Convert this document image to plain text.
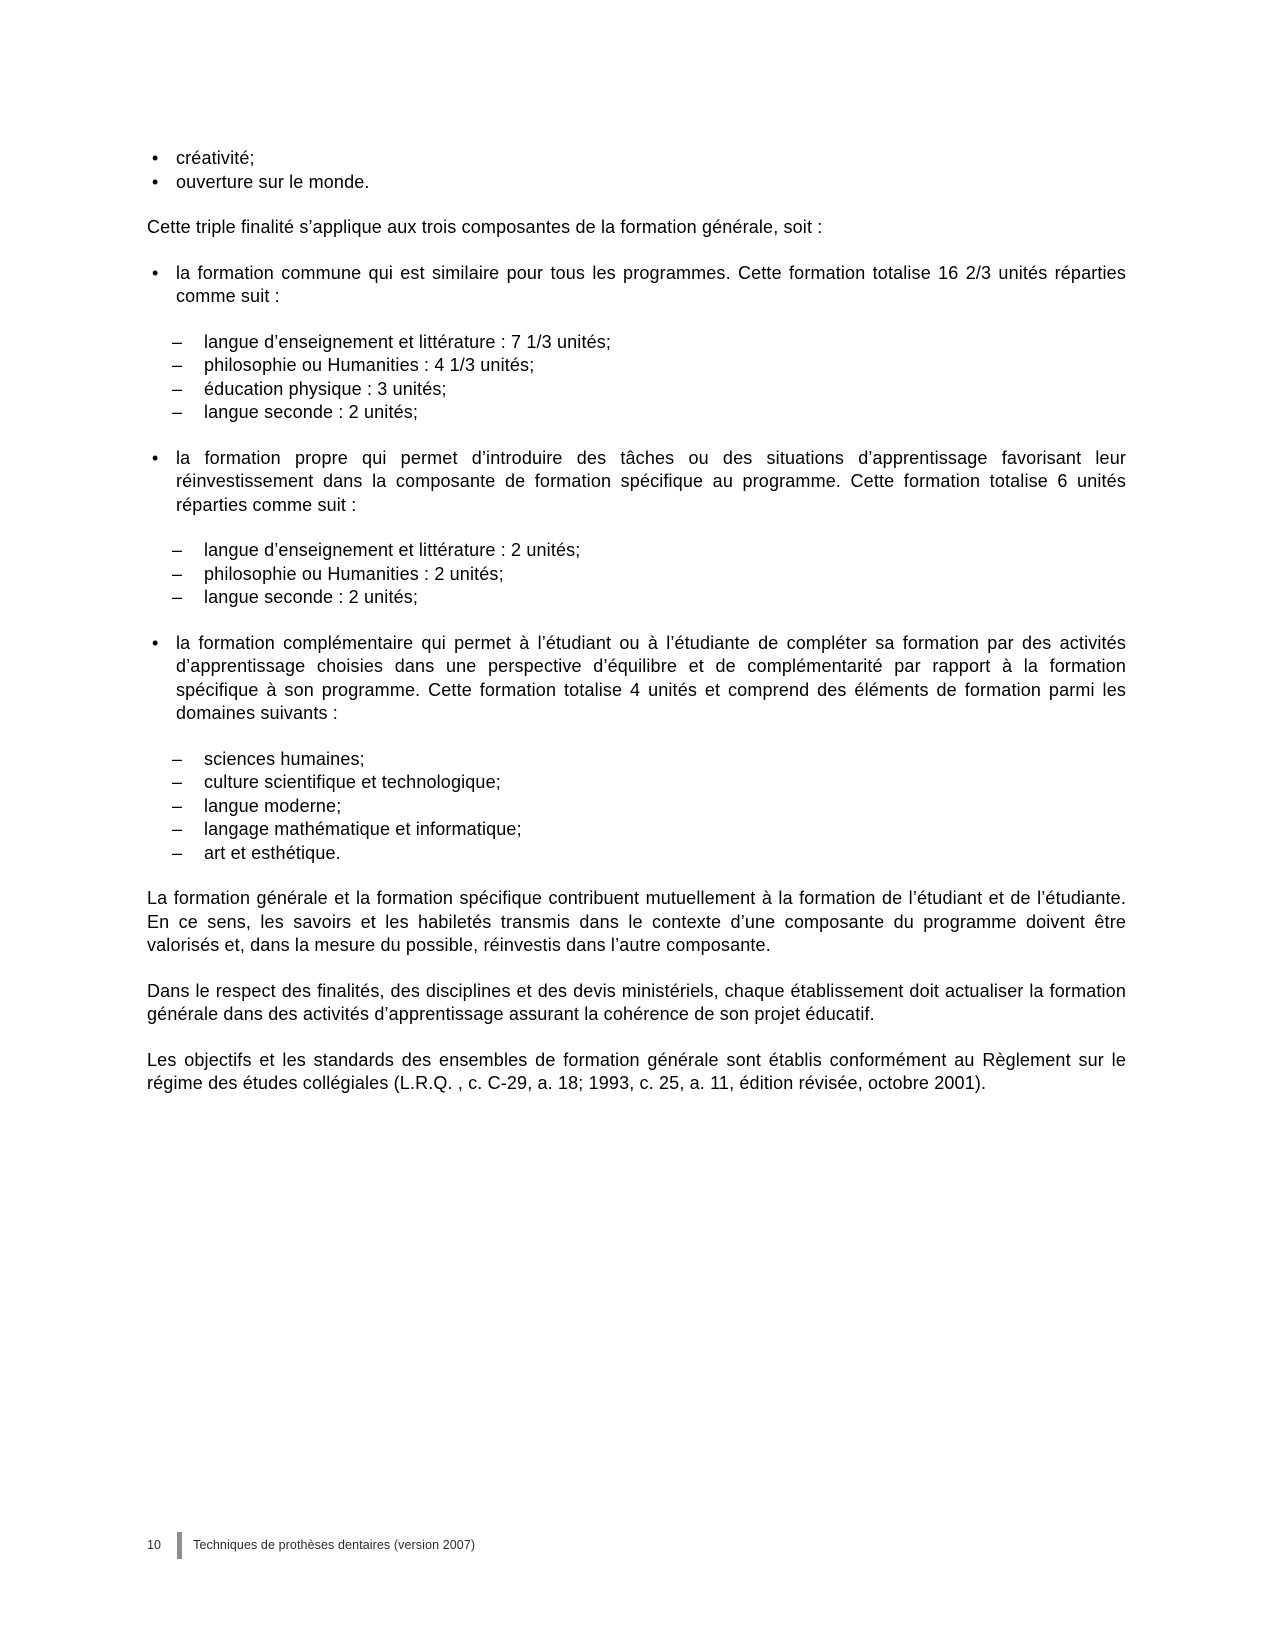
• créativité;
• ouverture sur le monde.

Cette triple finalité s’applique aux trois composantes de la formation générale, soit :

• la formation commune qui est similaire pour tous les programmes. Cette formation totalise 16 2/3 unités réparties comme suit :
– langue d’enseignement et littérature : 7 1/3 unités;
– philosophie ou Humanities : 4 1/3 unités;
– éducation physique : 3 unités;
– langue seconde : 2 unités;
• la formation propre qui permet d’introduire des tâches ou des situations d’apprentissage favorisant leur réinvestissement dans la composante de formation spécifique au programme. Cette formation totalise 6 unités réparties comme suit :
– langue d’enseignement et littérature : 2 unités;
– philosophie ou Humanities : 2 unités;
– langue seconde : 2 unités;
• la formation complémentaire qui permet à l’étudiant ou à l’étudiante de compléter sa formation par des activités d’apprentissage choisies dans une perspective d’équilibre et de complémentarité par rapport à la formation spécifique à son programme. Cette formation totalise 4 unités et comprend des éléments de formation parmi les domaines suivants :
– sciences humaines;
– culture scientifique et technologique;
– langue moderne;
– langage mathématique et informatique;
– art et esthétique.

La formation générale et la formation spécifique contribuent mutuellement à la formation de l’étudiant et de l’étudiante. En ce sens, les savoirs et les habiletés transmis dans le contexte d’une composante du programme doivent être valorisés et, dans la mesure du possible, réinvestis dans l’autre composante.

Dans le respect des finalités, des disciplines et des devis ministériels, chaque établissement doit actualiser la formation générale dans des activités d’apprentissage assurant la cohérence de son projet éducatif.

Les objectifs et les standards des ensembles de formation générale sont établis conformément au Règlement sur le régime des études collégiales (L.R.Q. , c. C-29, a. 18; 1993, c. 25, a. 11, édition révisée, octobre 2001).

10	Techniques de prothèses dentaires (version 2007)
